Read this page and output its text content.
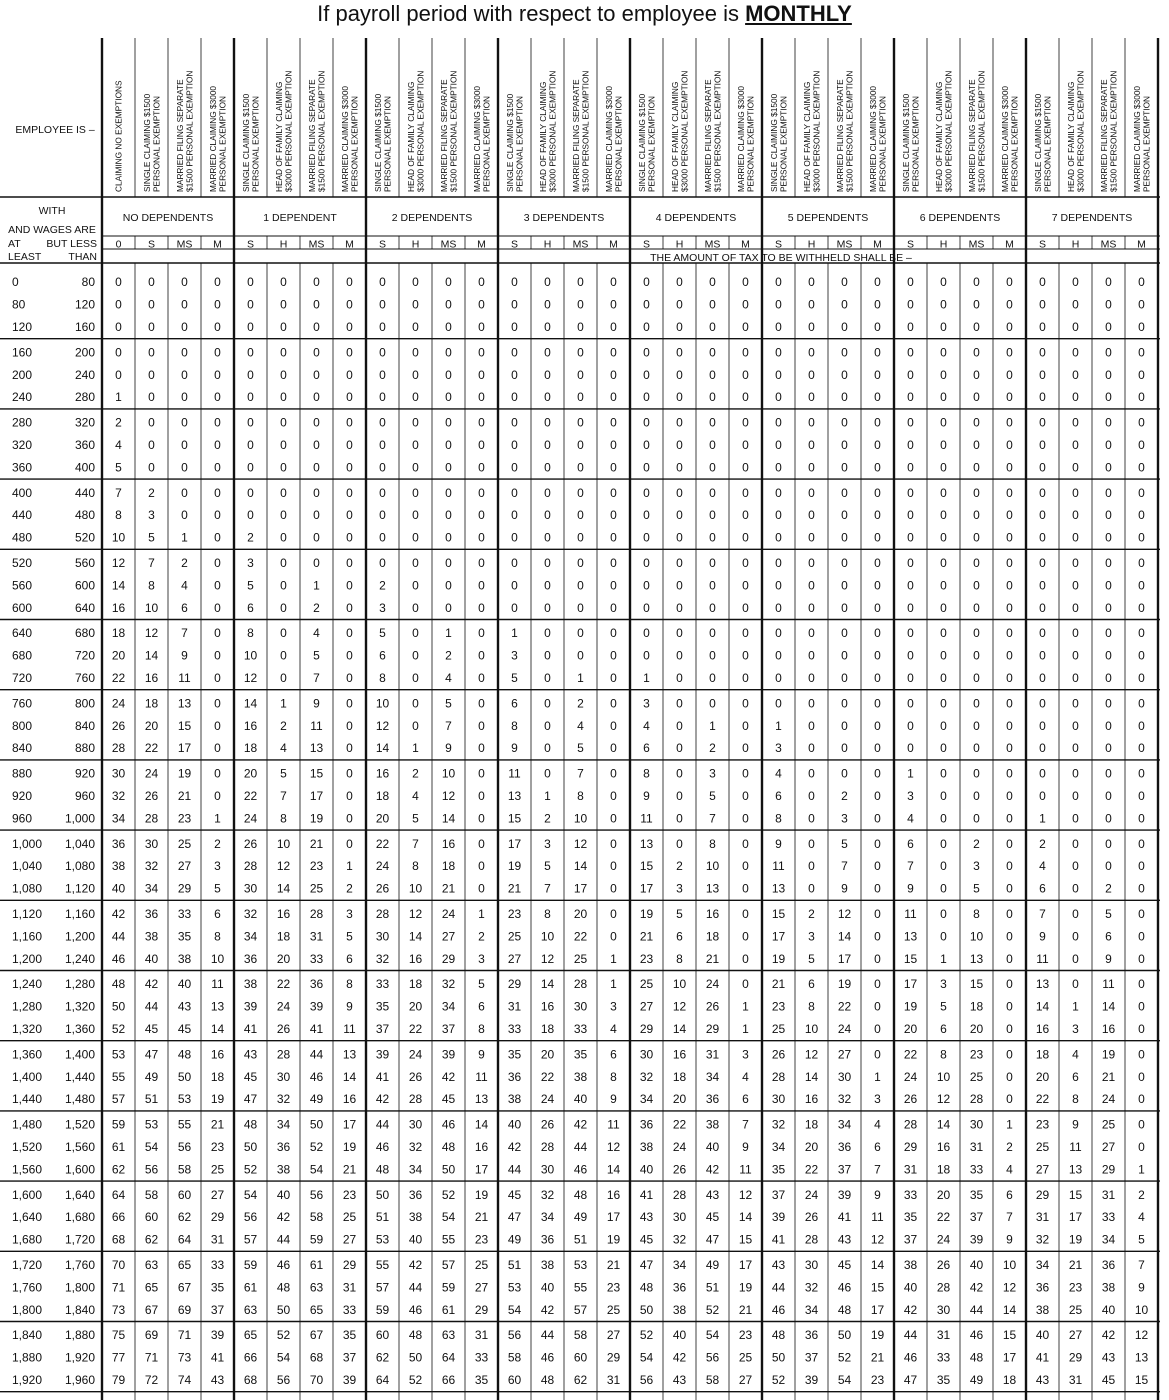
If payroll period with respect to employee is MONTHLY
EMPLOYEE IS –
WITH
AND WAGES ARE
AT BUT LESS
LEAST	THAN	THE AMOUNT OF TAX TO BE WITHHELD SHALL BE –
NO DEPENDENTS
CLAIMING NO EXEMPTIONS
0
SINGLE CLAIMING $1500 PERSONAL EXEMPTION
S
MARRIED FILING SEPARATE $1500 PERSONAL EXEMPTION
MS
MARRIED CLAIMING $3000 PERSONAL EXEMPTION
M
1 DEPENDENT
SINGLE CLAIMING $1500 PERSONAL EXEMPTION
S
HEAD OF FAMILY CLAIMING $3000 PERSONAL EXEMPTION
H
MARRIED FILING SEPARATE $1500 PERSONAL EXEMPTION
MS
MARRIED CLAIMING $3000 PERSONAL EXEMPTION
M
2 DEPENDENTS
SINGLE CLAIMING $1500 PERSONAL EXEMPTION
S
HEAD OF FAMILY CLAIMING $3000 PERSONAL EXEMPTION
H
MARRIED FILING SEPARATE $1500 PERSONAL EXEMPTION
MS
MARRIED CLAIMING $3000 PERSONAL EXEMPTION
M
3 DEPENDENTS
SINGLE CLAIMING $1500 PERSONAL EXEMPTION
S
HEAD OF FAMILY CLAIMING $3000 PERSONAL EXEMPTION
H
MARRIED FILING SEPARATE $1500 PERSONAL EXEMPTION
MS
MARRIED CLAIMING $3000 PERSONAL EXEMPTION
M
4 DEPENDENTS
SINGLE CLAIMING $1500 PERSONAL EXEMPTION
S
HEAD OF FAMILY CLAIMING $3000 PERSONAL EXEMPTION
H
MARRIED FILING SEPARATE $1500 PERSONAL EXEMPTION
MS
MARRIED CLAIMING $3000 PERSONAL EXEMPTION
M
5 DEPENDENTS
SINGLE CLAIMING $1500 PERSONAL EXEMPTION
S
HEAD OF FAMILY CLAIMING $3000 PERSONAL EXEMPTION
H
MARRIED FILING SEPARATE $1500 PERSONAL EXEMPTION
MS
MARRIED CLAIMING $3000 PERSONAL EXEMPTION
M
6 DEPENDENTS
SINGLE CLAIMING $1500 PERSONAL EXEMPTION
S
HEAD OF FAMILY CLAIMING $3000 PERSONAL EXEMPTION
H
MARRIED FILING SEPARATE $1500 PERSONAL EXEMPTION
MS
MARRIED CLAIMING $3000 PERSONAL EXEMPTION
M
7 DEPENDENTS
SINGLE CLAIMING $1500 PERSONAL EXEMPTION
S
HEAD OF FAMILY CLAIMING $3000 PERSONAL EXEMPTION
H
MARRIED FILING SEPARATE $1500 PERSONAL EXEMPTION
MS
MARRIED CLAIMING $3000 PERSONAL EXEMPTION
M
0	80 0 0 0 0 0 0 0 0 0 0 0 0 0 0 0 0 0 0 0 0 0 0 0 0 0 0 0 0 0 0 0 0
80	120 0 0 0 0 0 0 0 0 0 0 0 0 0 0 0 0 0 0 0 0 0 0 0 0 0 0 0 0 0 0 0 0
120	160 0 0 0 0 0 0 0 0 0 0 0 0 0 0 0 0 0 0 0 0 0 0 0 0 0 0 0 0 0 0 0 0
160	200 0 0 0 0 0 0 0 0 0 0 0 0 0 0 0 0 0 0 0 0 0 0 0 0 0 0 0 0 0 0 0 0
200	240 0 0 0 0 0 0 0 0 0 0 0 0 0 0 0 0 0 0 0 0 0 0 0 0 0 0 0 0 0 0 0 0
240	280 1 0 0 0 0 0 0 0 0 0 0 0 0 0 0 0 0 0 0 0 0 0 0 0 0 0 0 0 0 0 0 0
280	320 2 0 0 0 0 0 0 0 0 0 0 0 0 0 0 0 0 0 0 0 0 0 0 0 0 0 0 0 0 0 0 0
320	360 4 0 0 0 0 0 0 0 0 0 0 0 0 0 0 0 0 0 0 0 0 0 0 0 0 0 0 0 0 0 0 0
360	400 5 0 0 0 0 0 0 0 0 0 0 0 0 0 0 0 0 0 0 0 0 0 0 0 0 0 0 0 0 0 0 0
400	440 7 2 0 0 0 0 0 0 0 0 0 0 0 0 0 0 0 0 0 0 0 0 0 0 0 0 0 0 0 0 0 0
440	480 8 3 0 0 0 0 0 0 0 0 0 0 0 0 0 0 0 0 0 0 0 0 0 0 0 0 0 0 0 0 0 0
480	520 10 5 1 0 2 0 0 0 0 0 0 0 0 0 0 0 0 0 0 0 0 0 0 0 0 0 0 0 0 0 0 0
520	560 12 7 2 0 3 0 0 0 0 0 0 0 0 0 0 0 0 0 0 0 0 0 0 0 0 0 0 0 0 0 0 0
560	600 14 8 4 0 5 0 1 0 2 0 0 0 0 0 0 0 0 0 0 0 0 0 0 0 0 0 0 0 0 0 0 0
600	640 16 10 6 0 6 0 2 0 3 0 0 0 0 0 0 0 0 0 0 0 0 0 0 0 0 0 0 0 0 0 0 0
640	680 18 12 7 0 8 0 4 0 5 0 1 0 1 0 0 0 0 0 0 0 0 0 0 0 0 0 0 0 0 0 0 0
680	720 20 14 9 0 10 0 5 0 6 0 2 0 3 0 0 0 0 0 0 0 0 0 0 0 0 0 0 0 0 0 0 0
720	760 22 16 11 0 12 0 7 0 8 0 4 0 5 0 1 0 1 0 0 0 0 0 0 0 0 0 0 0 0 0 0 0
760	800 24 18 13 0 14 1 9 0 10 0 5 0 6 0 2 0 3 0 0 0 0 0 0 0 0 0 0 0 0 0 0 0
800	840 26 20 15 0 16 2 11 0 12 0 7 0 8 0 4 0 4 0 1 0 1 0 0 0 0 0 0 0 0 0 0 0
840	880 28 22 17 0 18 4 13 0 14 1 9 0 9 0 5 0 6 0 2 0 3 0 0 0 0 0 0 0 0 0 0 0
880	920 30 24 19 0 20 5 15 0 16 2 10 0 11 0 7 0 8 0 3 0 4 0 0 0 1 0 0 0 0 0 0 0
920	960 32 26 21 0 22 7 17 0 18 4 12 0 13 1 8 0 9 0 5 0 6 0 2 0 3 0 0 0 0 0 0 0
960	1,000 34 28 23 1 24 8 19 0 20 5 14 0 15 2 10 0 11 0 7 0 8 0 3 0 4 0 0 0 1 0 0 0
1,000 1,040 36 30 25 2 26 10 21 0 22 7 16 0 17 3 12 0 13 0 8 0 9 0 5 0 6 0 2 0 2 0 0 0
1,040 1,080 38 32 27 3 28 12 23 1 24 8 18 0 19 5 14 0 15 2 10 0 11 0 7 0 7 0 3 0 4 0 0 0
1,080 1,120 40 34 29 5 30 14 25 2 26 10 21 0 21 7 17 0 17 3 13 0 13 0 9 0 9 0 5 0 6 0 2 0
1,120 1,160 42 36 33 6 32 16 28 3 28 12 24 1 23 8 20 0 19 5 16 0 15 2 12 0 11 0 8 0 7 0 5 0
1,160 1,200 44 38 35 8 34 18 31 5 30 14 27 2 25 10 22 0 21 6 18 0 17 3 14 0 13 0 10 0 9 0 6 0
1,200 1,240 46 40 38 10 36 20 33 6 32 16 29 3 27 12 25 1 23 8 21 0 19 5 17 0 15 1 13 0 11 0 9 0
1,240 1,280 48 42 40 11 38 22 36 8 33 18 32 5 29 14 28 1 25 10 24 0 21 6 19 0 17 3 15 0 13 0 11 0
1,280 1,320 50 44 43 13 39 24 39 9 35 20 34 6 31 16 30 3 27 12 26 1 23 8 22 0 19 5 18 0 14 1 14 0
1,320 1,360 52 45 45 14 41 26 41 11 37 22 37 8 33 18 33 4 29 14 29 1 25 10 24 0 20 6 20 0 16 3 16 0
1,360 1,400 53 47 48 16 43 28 44 13 39 24 39 9 35 20 35 6 30 16 31 3 26 12 27 0 22 8 23 0 18 4 19 0
1,400 1,440 55 49 50 18 45 30 46 14 41 26 42 11 36 22 38 8 32 18 34 4 28 14 30 1 24 10 25 0 20 6 21 0
1,440 1,480 57 51 53 19 47 32 49 16 42 28 45 13 38 24 40 9 34 20 36 6 30 16 32 3 26 12 28 0 22 8 24 0
1,480 1,520 59 53 55 21 48 34 50 17 44 30 46 14 40 26 42 11 36 22 38 7 32 18 34 4 28 14 30 1 23 9 25 0
1,520 1,560 61 54 56 23 50 36 52 19 46 32 48 16 42 28 44 12 38 24 40 9 34 20 36 6 29 16 31 2 25 11 27 0
1,560 1,600 62 56 58 25 52 38 54 21 48 34 50 17 44 30 46 14 40 26 42 11 35 22 37 7 31 18 33 4 27 13 29 1
1,600 1,640 64 58 60 27 54 40 56 23 50 36 52 19 45 32 48 16 41 28 43 12 37 24 39 9 33 20 35 6 29 15 31 2
1,640 1,680 66 60 62 29 56 42 58 25 51 38 54 21 47 34 49 17 43 30 45 14 39 26 41 11 35 22 37 7 31 17 33 4
1,680 1,720 68 62 64 31 57 44 59 27 53 40 55 23 49 36 51 19 45 32 47 15 41 28 43 12 37 24 39 9 32 19 34 5
1,720 1,760 70 63 65 33 59 46 61 29 55 42 57 25 51 38 53 21 47 34 49 17 43 30 45 14 38 26 40 10 34 21 36 7
1,760 1,800 71 65 67 35 61 48 63 31 57 44 59 27 53 40 55 23 48 36 51 19 44 32 46 15 40 28 42 12 36 23 38 9
1,800 1,840 73 67 69 37 63 50 65 33 59 46 61 29 54 42 57 25 50 38 52 21 46 34 48 17 42 30 44 14 38 25 40 10
1,840 1,880 75 69 71 39 65 52 67 35 60 48 63 31 56 44 58 27 52 40 54 23 48 36 50 19 44 31 46 15 40 27 42 12
1,880 1,920 77 71 73 41 66 54 68 37 62 50 64 33 58 46 60 29 54 42 56 25 50 37 52 21 46 33 48 17 41 29 43 13
1,920 1,960 79 72 74 43 68 56 70 39 64 52 66 35 60 48 62 31 56 43 58 27 52 39 54 23 47 35 49 18 43 31 45 15
